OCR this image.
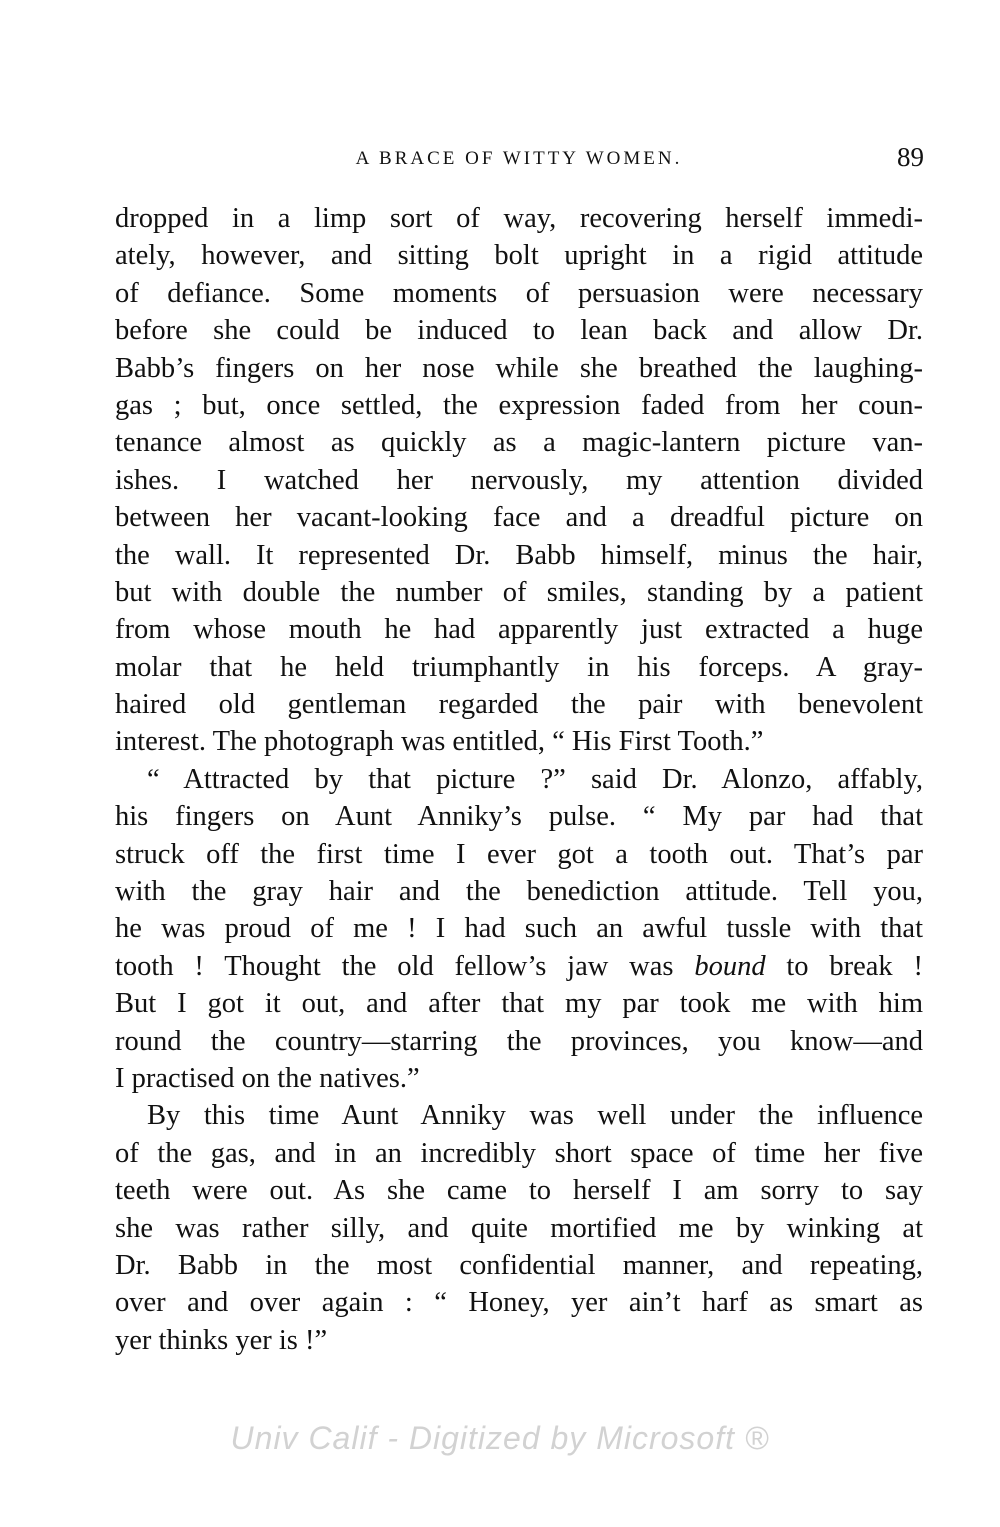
A BRACE OF WITTY WOMEN.	89
dropped in a limp sort of way, recovering herself immedi-
ately, however, and sitting bolt upright in a rigid attitude
of defiance. Some moments of persuasion were necessary
before she could be induced to lean back and allow Dr.
Babb’s fingers on her nose while she breathed the laughing-
gas ; but, once settled, the expression faded from her coun-
tenance almost as quickly as a magic-lantern picture van-
ishes. I watched her nervously, my attention divided
between her vacant-looking face and a dreadful picture on
the wall. It represented Dr. Babb himself, minus the hair,
but with double the number of smiles, standing by a patient
from whose mouth he had apparently just extracted a huge
molar that he held triumphantly in his forceps. A gray-
haired old gentleman regarded the pair with benevolent
interest. The photograph was entitled, “ His First Tooth.”
“ Attracted by that picture ?” said Dr. Alonzo, affably,
his fingers on Aunt Anniky’s pulse. “ My par had that
struck off the first time I ever got a tooth out. That’s par
with the gray hair and the benediction attitude. Tell you,
he was proud of me ! I had such an awful tussle with that
tooth ! Thought the old fellow’s jaw was bound to break !
But I got it out, and after that my par took me with him
round the country—starring the provinces, you know—and
I practised on the natives.”
By this time Aunt Anniky was well under the influence
of the gas, and in an incredibly short space of time her five
teeth were out. As she came to herself I am sorry to say
she was rather silly, and quite mortified me by winking at
Dr. Babb in the most confidential manner, and repeating,
over and over again : “ Honey, yer ain’t harf as smart as
yer thinks yer is !”
Univ Calif - Digitized by Microsoft ®
